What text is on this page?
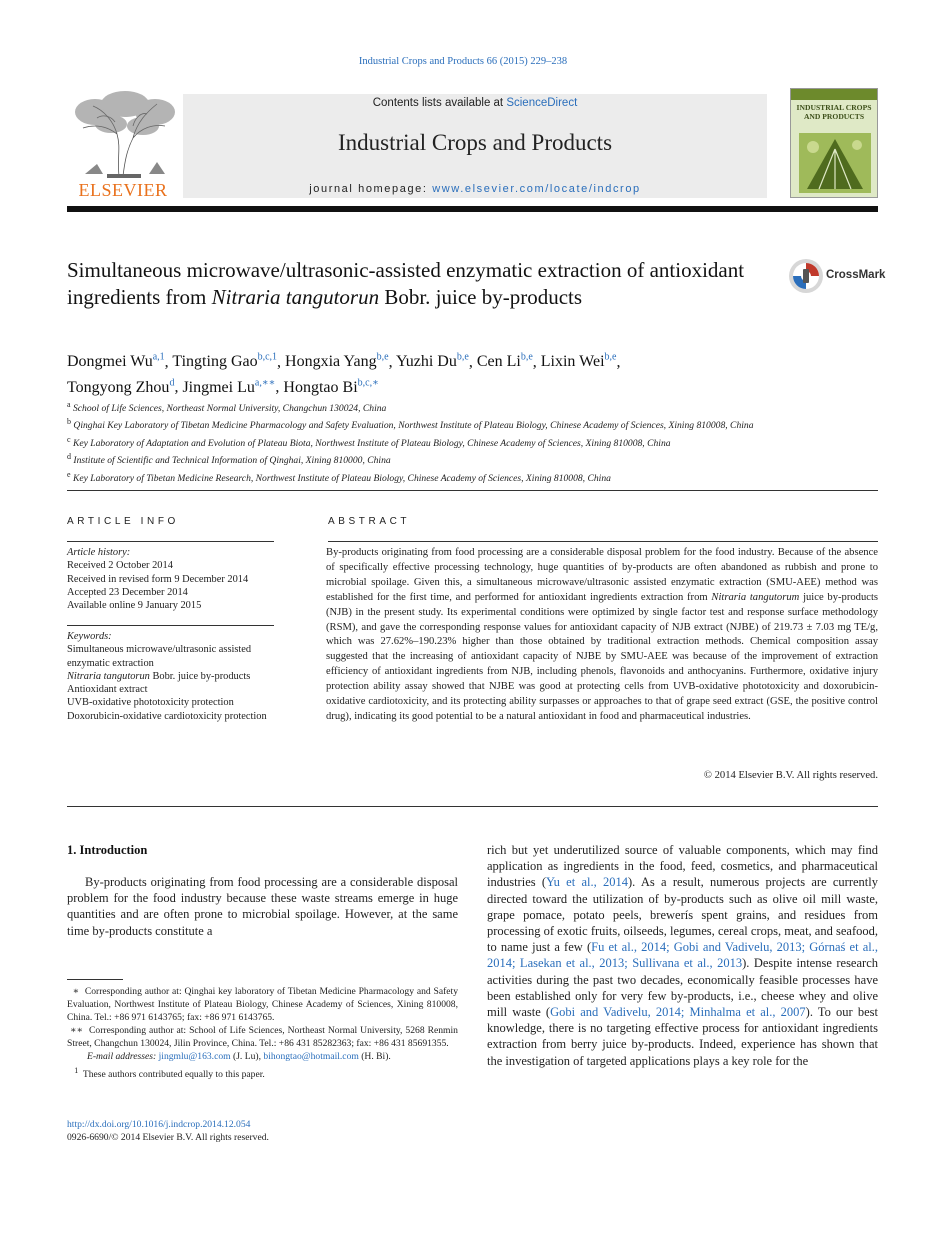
Industrial Crops and Products 66 (2015) 229–238
ELSEVIER
Contents lists available at ScienceDirect
Industrial Crops and Products
journal homepage: www.elsevier.com/locate/indcrop
INDUSTRIAL CROPS AND PRODUCTS
Simultaneous microwave/ultrasonic-assisted enzymatic extraction of antioxidant ingredients from Nitraria tangutorun Bobr. juice by-products
CrossMark
Dongmei Wu$^{a,1}$, Tingting Gao$^{b,c,1}$, Hongxia Yang$^{b,e}$, Yuzhi Du$^{b,e}$, Cen Li$^{b,e}$, Lixin Wei$^{b,e}$,
Tongyong Zhou$^d$, Jingmei $Lu^{a,∗∗}$, Hongtao $Bi^{b,c,∗}$
$^a$ School of Life Sciences, Northeast Normal University, Changchun 130024, China
$^b$ Qinghai Key Laboratory of Tibetan Medicine Pharmacology and Safety Evaluation, Northwest Institute of Plateau Biology, Chinese Academy of Sciences, Xining 810008, China
$^c$ Key Laboratory of Adaptation and Evolution of Plateau Biota, Northwest Institute of Plateau Biology, Chinese Academy of Sciences, Xining 810008, China
$^d$ Institute of Scientific and Technical Information of Qinghai, Xining 810000, China
$^e$ Key Laboratory of Tibetan Medicine Research, Northwest Institute of Plateau Biology, Chinese Academy of Sciences, Xining 810008, China
ARTICLE INFO
Article history:
Received 2 October 2014
Received in revised form 9 December 2014
Accepted 23 December 2014
Available online 9 January 2015
Keywords:
Simultaneous microwave/ultrasonic assisted enzymatic extraction
Nitraria tangutorun Bobr. juice by-products
Antioxidant extract
UVB-oxidative phototoxicity protection
Doxorubicin-oxidative cardiotoxicity protection
ABSTRACT
By-products originating from food processing are a considerable disposal problem for the food industry. Because of the absence of specifically effective processing technology, huge quantities of by-products are often abandoned as rubbish and prone to microbial spoilage. Given this, a simultaneous microwave/ultrasonic assisted enzymatic extraction (SMU-AEE) method was established for the first time, and performed for antioxidant ingredients extraction from Nitraria tangutorum juice by-products (NJB) in the present study. Its experimental conditions were optimized by single factor test and response surface methodology (RSM), and gave the corresponding response values for antioxidant capacity of NJB extract (NJBE) of 219.73 ± 7.03 mg TE/g, which was 27.62%–190.23% higher than those obtained by traditional extraction methods. Chemical composition assay suggested that the increasing of antioxidant capacity of NJBE by SMU-AEE was because of the improvement of extraction efficiency of antioxidant ingredients from NJB, including phenols, flavonoids and anthocyanins. Furthermore, oxidative injury protection ability assay showed that NJBE was good at protecting cells from UVB-oxidative phototoxicity and doxorubicin-oxidative cardiotoxicity, and its protecting ability surpasses or approaches to that of grape seed extract (GSE, the positive control drug), indicating its good potential to be a natural antioxidant in food and pharmaceutical industries.
© 2014 Elsevier B.V. All rights reserved.
1. Introduction
By-products originating from food processing are a considerable disposal problem for the food industry because these waste streams emerge in huge quantities and are often prone to microbial spoilage. However, at the same time by-products constitute a
rich but yet underutilized source of valuable components, which may find application as ingredients in the food, feed, cosmetics, and pharmaceutical industries (Yu et al., 2014). As a result, numerous projects are currently directed toward the utilization of by-products such as olive oil mill waste, grape pomace, potato peels, brewerís spent grains, and residues from processing of exotic fruits, oilseeds, legumes, cereal crops, meat, and seafood, to name just a few (Fu et al., 2014; Gobi and Vadivelu, 2013; Górnaś et al., 2014; Lasekan et al., 2013; Sullivana et al., 2013). Despite intense research activities during the past two decades, economically feasible processes have been established only for very few by-products, i.e., cheese whey and olive mill waste (Gobi and Vadivelu, 2014; Minhalma et al., 2007). To our best knowledge, there is no targeting effective process for antioxidant ingredients extraction from berry juice by-products. Indeed, experience has shown that the investigation of targeted applications plays a key role for the

∗ Corresponding author at: Qinghai key laboratory of Tibetan Medicine Pharmacology and Safety Evaluation, Northwest Institute of Plateau Biology, Chinese Academy of Sciences, Xining 810008, China. Tel.: +86 971 6143765; fax: +86 971 6143765.

∗∗ Corresponding author at: School of Life Sciences, Northeast Normal University, 5268 Renmin Street, Changchun 130024, Jilin Province, China. Tel.: +86 431 85282363; fax: +86 431 85691355.

E-mail addresses: jingmlu@163.com (J. Lu), bihongtao@hotmail.com (H. Bi).

$^1$ These authors contributed equally to this paper.

http://dx.doi.org/10.1016/j.indcrop.2014.12.054
0926-6690/© 2014 Elsevier B.V. All rights reserved.
